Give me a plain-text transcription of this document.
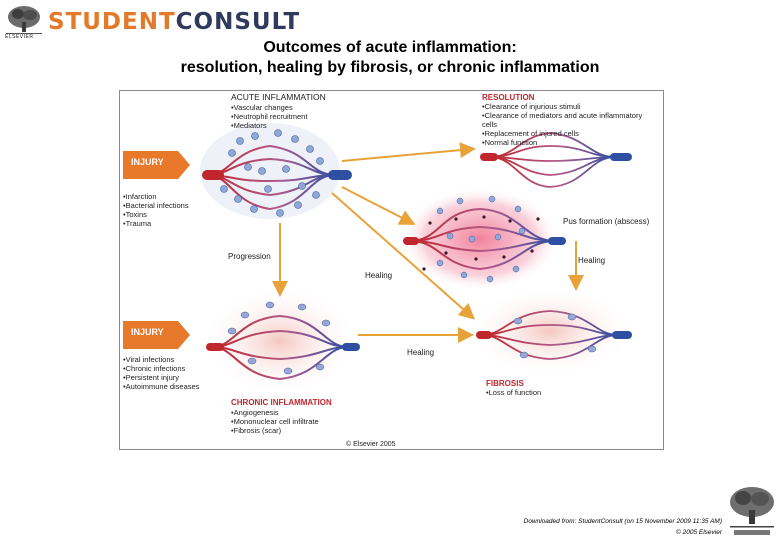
ELSEVIER
STUDENTCONSULT
Outcomes of acute inflammation:
resolution, healing by fibrosis, or chronic inflammation
ACUTE INFLAMMATION
• Vascular changes
• Neutrophil recruitment
• Mediators
INJURY
• Infarction
• Bacterial infections
• Toxins
• Trauma
RESOLUTION
• Clearance of injurious stimuli
• Clearance of mediators and acute inflammatory cells
• Replacement of injured cells
• Normal function
Pus formation (abscess)
Progression
Healing
Healing
Healing
INJURY
• Viral infections
• Chronic infections
• Persistent injury
• Autoimmune diseases
CHRONIC INFLAMMATION
• Angiogenesis
• Mononuclear cell infiltrate
• Fibrosis (scar)
FIBROSIS
• Loss of function
© Elsevier 2005
Downloaded from: StudentConsult (on 15 November 2009 11:35 AM)
© 2005 Elsevier
